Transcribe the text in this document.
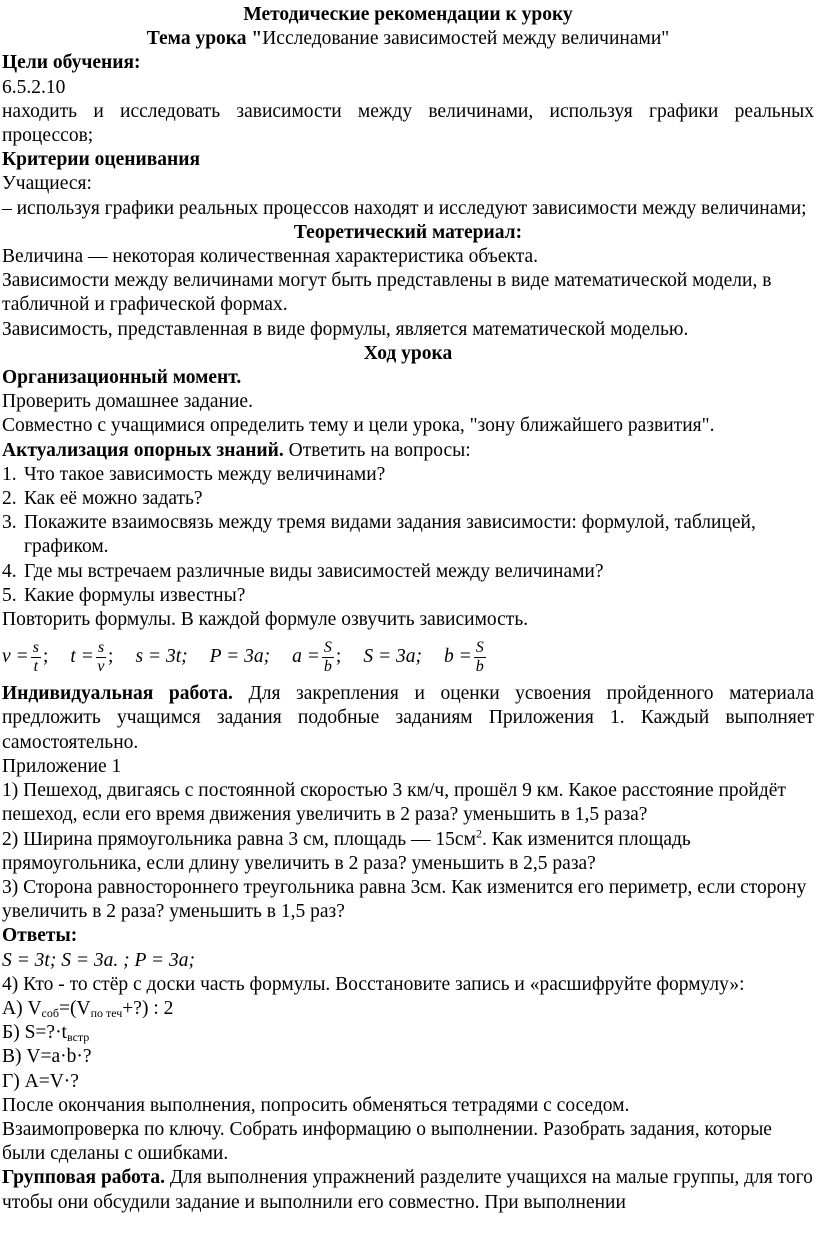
Методические рекомендации к уроку

Тема урока "Исследование зависимостей между величинами"

Цели обучения:

6.5.2.10

находить и исследовать зависимости между величинами, используя графики реальных процессов;

Критерии оценивания

Учащиеся:

– используя графики реальных процессов находят и исследуют зависимости между величинами;

Теоретический материал:

Величина — некоторая количественная характеристика объекта.

Зависимости между величинами могут быть представлены в виде математической модели, в табличной и графической формах.

Зависимость, представленная в виде формулы, является математической моделью.

Ход урока

Организационный момент.

Проверить домашнее задание.

Совместно с учащимися определить тему и цели урока, "зону ближайшего развития".

Актуализация опорных знаний. Ответить на вопросы:

1. Что такое зависимость между величинами?
2. Как её можно задать?
3. Покажите взаимосвязь между тремя видами задания зависимости: формулой, таблицей, графиком.
4. Где мы встречаем различные виды зависимостей между величинами?
5. Какие формулы известны?

Повторить формулы. В каждой формуле озвучить зависимость.

$v = \frac{s}{t}$ ; $t = \frac{s}{v}$ ; s = 3t; P = 3a; $a = \frac{S}{b}$ ; S = 3a; $b = \frac{S}{b}$

Индивидуальная работа. Для закрепления и оценки усвоения пройденного материала предложить учащимся задания подобные заданиям Приложения 1. Каждый выполняет самостоятельно.

Приложение 1

1) Пешеход, двигаясь с постоянной скоростью 3 км/ч, прошёл 9 км. Какое расстояние пройдёт пешеход, если его время движения увеличить в 2 раза? уменьшить в 1,5 раза?

2) Ширина прямоугольника равна 3 см, площадь — $15см^2$. Как изменится площадь прямоугольника, если длину увеличить в 2 раза? уменьшить в 2,5 раза?

3) Сторона равностороннего треугольника равна 3см. Как изменится его периметр, если сторону увеличить в 2 раза? уменьшить в 1,5 раз?

Ответы:

S = 3t; S = 3a. ; P = 3a;

4) Кто - то стёр с доски часть формулы. Восстановите запись и «расшифруйте формулу»:

А) $V_{соб}=(V_{по теч}+?)$ : 2

Б) $S=?\cdot t_{встр}$

В) V=a·b·?

Г) A=V·?

После окончания выполнения, попросить обменяться тетрадями с соседом.

Взаимопроверка по ключу. Собрать информацию о выполнении. Разобрать задания, которые были сделаны с ошибками.

Групповая работа. Для выполнения упражнений разделите учащихся на малые группы, для того чтобы они обсудили задание и выполнили его совместно. При выполнении
